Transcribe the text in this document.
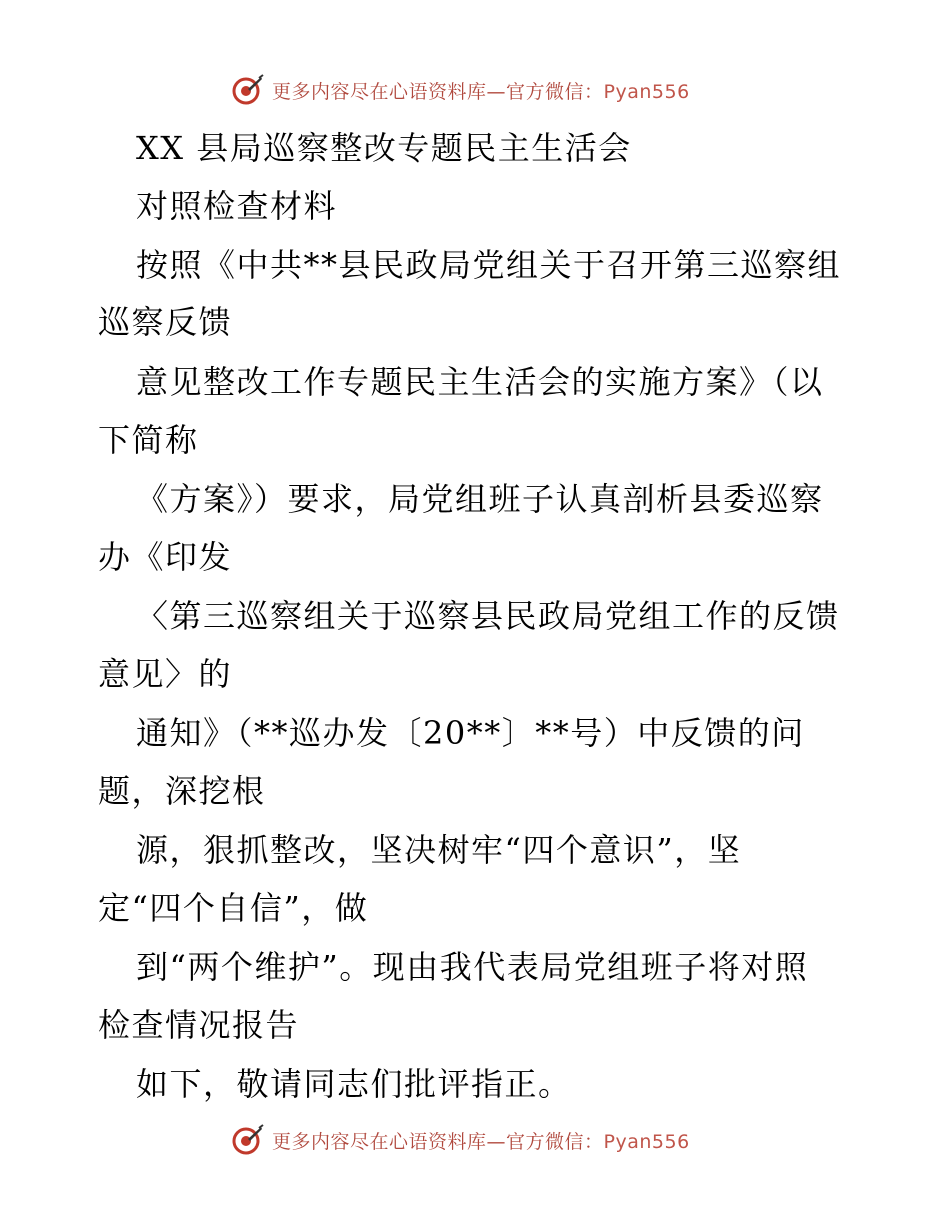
更多内容尽在心语资料库—官方微信：Pyan556
XX 县局巡察整改专题民主生活会
对照检查材料
按照《中共**县民政局党组关于召开第三巡察组
巡察反馈
意见整改工作专题民主生活会的实施方案》（以
下简称
《方案》）要求，局党组班子认真剖析县委巡察
办《印发
〈第三巡察组关于巡察县民政局党组工作的反馈
意见〉的
通知》（**巡办发〔20**〕**号）中反馈的问
题，深挖根
源，狠抓整改，坚决树牢“四个意识”，坚
定“四个自信”，做
到“两个维护”。现由我代表局党组班子将对照
检查情况报告
如下，敬请同志们批评指正。
更多内容尽在心语资料库—官方微信：Pyan556
